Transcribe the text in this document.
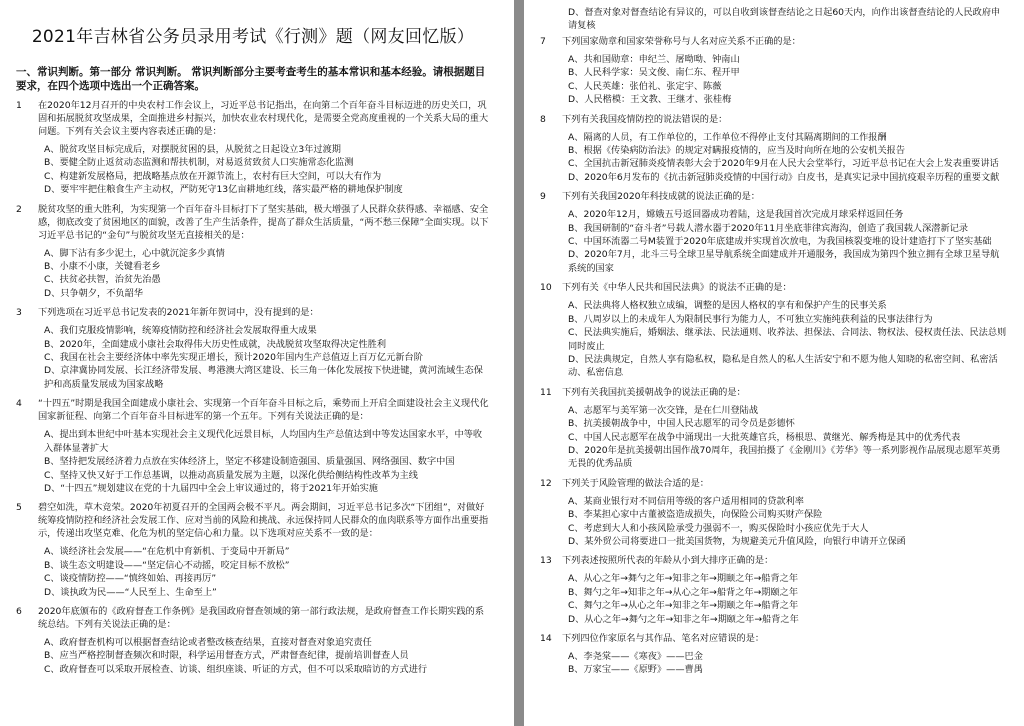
2021年吉林省公务员录用考试《行测》题（网友回忆版）
一、常识判断。第一部分 常识判断。 常识判断部分主要考查考生的基本常识和基本经验。请根据题目要求，在四个选项中选出一个正确答案。
1	在2020年12月召开的中央农村工作会议上，习近平总书记指出，在向第二个百年奋斗目标迈进的历史关口，巩固和拓展脱贫攻坚成果，全面推进乡村振兴，加快农业农村现代化，是需要全党高度重视的一个关系大局的重大问题。下列有关会议主要内容表述正确的是：
A、脱贫攻坚目标完成后，对摆脱贫困的县，从脱贫之日起设立3年过渡期
B、要健全防止返贫动态监测和帮扶机制，对易返贫致贫人口实施常态化监测
C、构建新发展格局，把战略基点放在开源节流上，农村有巨大空间，可以大有作为
D、要牢牢把住粮食生产主动权，严防死守13亿亩耕地红线，落实最严格的耕地保护制度
2	脱贫攻坚的重大胜利，为实现第一个百年奋斗目标打下了坚实基础，极大增强了人民群众获得感、幸福感、安全感，彻底改变了贫困地区的面貌，改善了生产生活条件，提高了群众生活质量，“两不愁三保障”全面实现。以下习近平总书记的“金句”与脱贫攻坚无直接相关的是：
A、脚下沾有多少泥土，心中就沉淀多少真情
B、小康不小康，关键看老乡
C、扶贫必扶智，治贫先治愚
D、只争朝夕，不负韶华
3	下列选项在习近平总书记发表的2021年新年贺词中，没有提到的是：
A、我们克服疫情影响，统筹疫情防控和经济社会发展取得重大成果
B、2020年，全面建成小康社会取得伟大历史性成就，决战脱贫攻坚取得决定性胜利
C、我国在社会主要经济体中率先实现正增长，预计2020年国内生产总值迈上百万亿元新台阶
D、京津冀协同发展、长江经济带发展、粤港澳大湾区建设、长三角一体化发展按下快进键，黄河流域生态保护和高质量发展成为国家战略
4	“十四五”时期是我国全面建成小康社会、实现第一个百年奋斗目标之后，乘势而上开启全面建设社会主义现代化国家新征程、向第二个百年奋斗目标进军的第一个五年。下列有关说法正确的是：
A、提出到本世纪中叶基本实现社会主义现代化远景目标，人均国内生产总值达到中等发达国家水平，中等收入群体显著扩大
B、坚持把发展经济着力点放在实体经济上，坚定不移建设制造强国、质量强国、网络强国、数字中国
C、坚持又快又好于工作总基调，以推动高质量发展为主题，以深化供给侧结构性改革为主线
D、“十四五”规划建议在党的十九届四中全会上审议通过的，将于2021年开始实施
5	碧空如洗，草木竞荣。2020年初夏召开的全国两会极不平凡。两会期间，习近平总书记多次“下团组”，对做好统筹疫情防控和经济社会发展工作、应对当前的风险和挑战、永远保持同人民群众的血肉联系等方面作出重要指示，传递出攻坚克难、化危为机的坚定信心和力量。以下选项对应关系不一致的是：
A、谈经济社会发展——“在危机中育新机、于变局中开新局”
B、谈生态文明建设——“坚定信心不动摇，咬定目标不放松”
C、谈疫情防控——“慎终如始、再接再厉”
D、谈执政为民——“人民至上、生命至上”
6	2020年底颁布的《政府督查工作条例》是我国政府督查领域的第一部行政法规，是政府督查工作长期实践的系统总结。下列有关说法正确的是：
A、政府督查机构可以根据督查结论或者整改核查结果，直接对督查对象追究责任
B、应当严格控制督查频次和时限，科学运用督查方式，严肃督查纪律，提前培训督查人员
C、政府督查可以采取开展检查、访谈、组织座谈、听证的方式，但不可以采取暗访的方式进行
D、督查对象对督查结论有异议的，可以自收到该督查结论之日起60天内，向作出该督查结论的人民政府申请复核
7	下列国家勋章和国家荣誉称号与人名对应关系不正确的是：
A、共和国勋章：申纪兰、屠呦呦、钟南山
B、人民科学家：吴文俊、南仁东、程开甲
C、人民英雄：张伯礼、张定宇、陈薇
D、人民楷模：王文教、王继才、张桂梅
8	下列有关我国疫情防控的说法错误的是：
A、隔离的人员，有工作单位的，工作单位不得停止支付其隔离期间的工作报酬
B、根据《传染病防治法》的规定对瞒报疫情的，应当及时向所在地的公安机关报告
C、全国抗击新冠肺炎疫情表彰大会于2020年9月在人民大会堂举行，习近平总书记在大会上发表重要讲话
D、2020年6月发布的《抗击新冠肺炎疫情的中国行动》白皮书，是真实记录中国抗疫艰辛历程的重要文献
9	下列有关我国2020年科技成就的说法正确的是：
A、2020年12月，嫦娥五号返回器成功着陆，这是我国首次完成月球采样返回任务
B、我国研制的“奋斗者”号载人潜水器于2020年11月坐底菲律宾海沟，创造了我国载人深潜新记录
C、中国环流器二号M装置于2020年底建成并实现首次放电，为我国核裂变堆的设计建造打下了坚实基础
D、2020年7月，北斗三号全球卫星导航系统全面建成并开通服务，我国成为第四个独立拥有全球卫星导航系统的国家
10	下列有关《中华人民共和国民法典》的说法不正确的是：
A、民法典将人格权独立成编，调整的是因人格权的享有和保护产生的民事关系
B、八周岁以上的未成年人为限制民事行为能力人，不可独立实施纯获利益的民事法律行为
C、民法典实施后，婚姻法、继承法、民法通则、收养法、担保法、合同法、物权法、侵权责任法、民法总则同时废止
D、民法典规定，自然人享有隐私权，隐私是自然人的私人生活安宁和不愿为他人知晓的私密空间、私密活动、私密信息
11	下列有关我国抗美援朝战争的说法正确的是：
A、志愿军与美军第一次交锋，是在仁川登陆战
B、抗美援朝战争中，中国人民志愿军的司令员是彭德怀
C、中国人民志愿军在战争中涌现出一大批英雄官兵，杨根思、黄继光、解秀梅是其中的优秀代表
D、2020年是抗美援朝出国作战70周年，我国拍摄了《金刚川》《芳华》等一系列影视作品展现志愿军英勇无畏的优秀品质
12	下列关于风险管理的做法合适的是：
A、某商业银行对不同信用等级的客户适用相同的贷款利率
B、李某担心家中古董被盗造成损失，向保险公司购买财产保险
C、考虑到大人和小孩风险承受力强弱不一，购买保险时小孩应优先于大人
D、某外贸公司将要进口一批美国货物，为规避美元升值风险，向银行申请开立保函
13	下列表述按照所代表的年龄从小到大排序正确的是：
A、从心之年→舞勺之年→知非之年→期颐之年→船背之年
B、舞勺之年→知非之年→从心之年→船背之年→期颐之年
C、舞勺之年→从心之年→知非之年→期颐之年→船背之年
D、从心之年→舞勺之年→知非之年→期颐之年→船背之年
14	下列四位作家原名与其作品、笔名对应错误的是：
A、李尧棠——《寒夜》——巴金
B、万家宝——《原野》——曹禺
